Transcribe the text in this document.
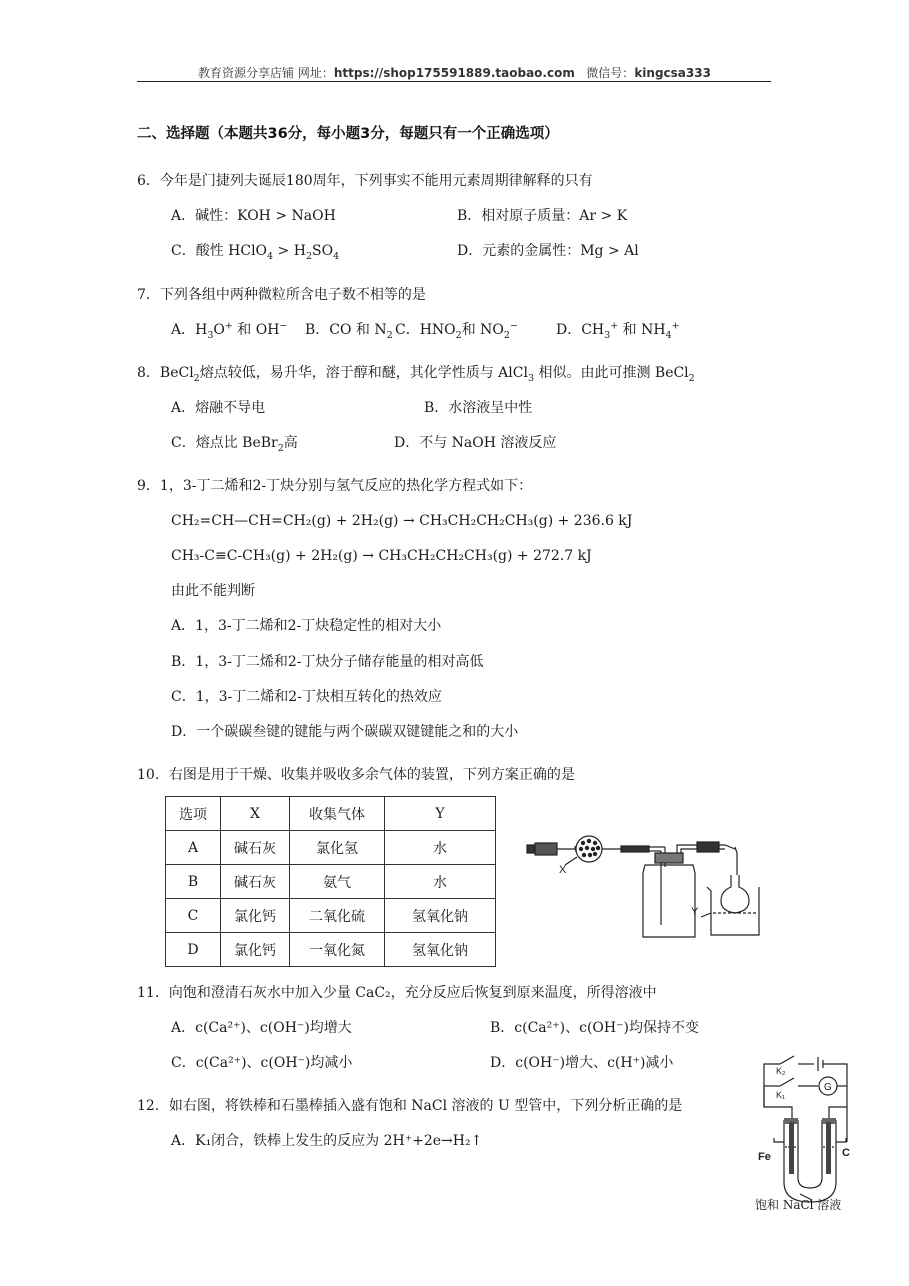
教育资源分享店铺 网址：https://shop175591889.taobao.com 微信号：kingcsa333
二、选择题（本题共36分，每小题3分，每题只有一个正确选项）
6．今年是门捷列夫诞辰180周年，下列事实不能用元素周期律解释的只有
A．碱性：KOH > NaOH	B．相对原子质量：Ar > K
C．酸性 HClO$_4$ > $H_2SO_4$	D．元素的金属性：Mg > Al
7．下列各组中两种微粒所含电子数不相等的是
A．$H_3O^+$ 和 OH− B．CO 和 $N_2$ C．$HNO_2$和 $NO_2^-$	D．$CH_3^+$ 和 $NH_4^+$
8．BeCl$_2$熔点较低，易升华，溶于醇和醚，其化学性质与 AlCl$_3$ 相似。由此可推测 BeCl$_2$
A．熔融不导电	B．水溶液呈中性
C．熔点比 BeBr$_2$高	D．不与 NaOH 溶液反应
9．1，3-丁二烯和2-丁炔分别与氢气反应的热化学方程式如下：
CH₂=CH—CH=CH₂(g) + 2H₂(g) → CH₃CH₂CH₂CH₃(g) + 236.6 kJ
CH₃-C≡C-CH₃(g) + 2H₂(g) → CH₃CH₂CH₂CH₃(g) + 272.7 kJ
由此不能判断
A．1，3-丁二烯和2-丁炔稳定性的相对大小
B．1，3-丁二烯和2-丁炔分子储存能量的相对高低
C．1，3-丁二烯和2-丁炔相互转化的热效应
D．一个碳碳叁键的键能与两个碳碳双键键能之和的大小
10．右图是用于干燥、收集并吸收多余气体的装置，下列方案正确的是
选项	X	收集气体	Y
A	碱石灰	氯化氢	水
B	碱石灰	氨气	水
C	氯化钙	二氧化硫	氢氧化钠
D	氯化钙	一氧化氮	氢氧化钠
X
Y
11．向饱和澄清石灰水中加入少量 CaC₂，充分反应后恢复到原来温度，所得溶液中
A．c(Ca²⁺)、c(OH⁻)均增大	B．c(Ca²⁺)、c(OH⁻)均保持不变
C．c(Ca²⁺)、c(OH⁻)均减小	D．c(OH⁻)增大、c(H⁺)减小
12．如右图，将铁棒和石墨棒插入盛有饱和 NaCl 溶液的 U 型管中，下列分析正确的是
A．K₁闭合，铁棒上发生的反应为 2H⁺+2e→H₂↑
K₂
K₁
G
Fe	C
饱和 NaCl 溶液
